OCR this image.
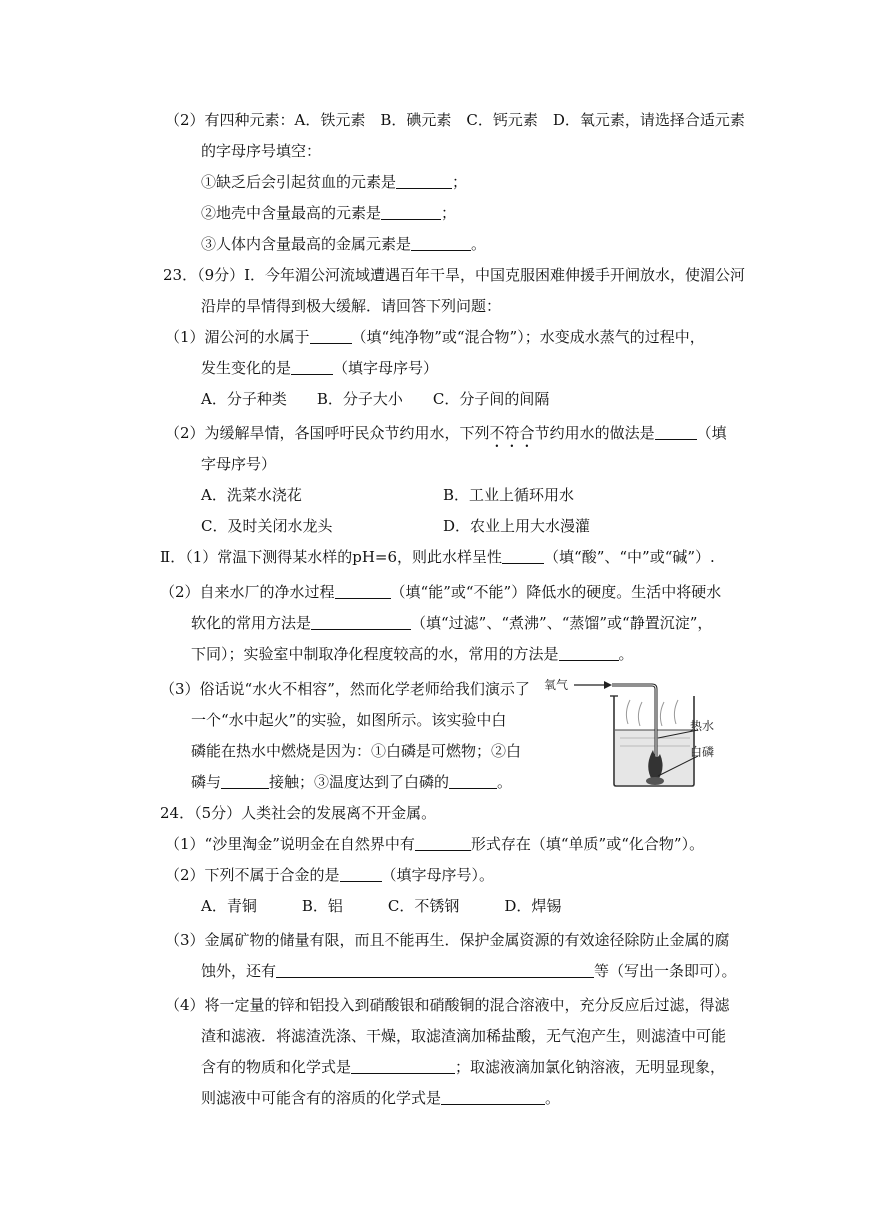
（2）有四种元素：A．铁元素　B．碘元素　C．钙元素　D．氧元素，请选择合适元素
的字母序号填空：
①缺乏后会引起贫血的元素是	；
②地壳中含量最高的元素是	；
③人体内含量最高的金属元素是	。
23．（9分）Ⅰ．今年湄公河流域遭遇百年干旱，中国克服困难伸援手开闸放水，使湄公河
沿岸的旱情得到极大缓解．请回答下列问题：
（1）湄公河的水属于	（填“纯净物”或“混合物”）；水变成水蒸气的过程中，
发生变化的是	（填字母序号）
A．分子种类　　B．分子大小　　C．分子间的间隔
（2）为缓解旱情，各国呼吁民众节约用水，下列不符合节约用水的做法是	（填
字母序号）
A．洗菜水浇花	B．工业上循环用水
C．及时关闭水龙头	D．农业上用大水漫灌
Ⅱ．（1）常温下测得某水样的pH=6，则此水样呈性	（填“酸”、“中”或“碱”）.
（2）自来水厂的净水过程	（填“能”或“不能”）降低水的硬度。生活中将硬水
软化的常用方法是	（填“过滤”、“煮沸”、“蒸馏”或“静置沉淀”，
下同）；实验室中制取净化程度较高的水，常用的方法是	。
（3）俗话说“水火不相容”，然而化学老师给我们演示了
一个“水中起火”的实验，如图所示。该实验中白
磷能在热水中燃烧是因为：①白磷是可燃物；②白
磷与	接触；③温度达到了白磷的	。
氧气
热水
白磷
24．（5分）人类社会的发展离不开金属。
（1）“沙里淘金”说明金在自然界中有	形式存在（填“单质”或“化合物”）。
（2）下列不属于合金的是	（填字母序号）。
A．青铜　　　B．铝　　　C．不锈钢　　　D．焊锡
（3）金属矿物的储量有限，而且不能再生．保护金属资源的有效途径除防止金属的腐
蚀外，还有	等（写出一条即可）。
（4）将一定量的锌和铝投入到硝酸银和硝酸铜的混合溶液中，充分反应后过滤，得滤
渣和滤液．将滤渣洗涤、干燥，取滤渣滴加稀盐酸，无气泡产生，则滤渣中可能
含有的物质和化学式是	；取滤液滴加氯化钠溶液，无明显现象，
则滤液中可能含有的溶质的化学式是	。
